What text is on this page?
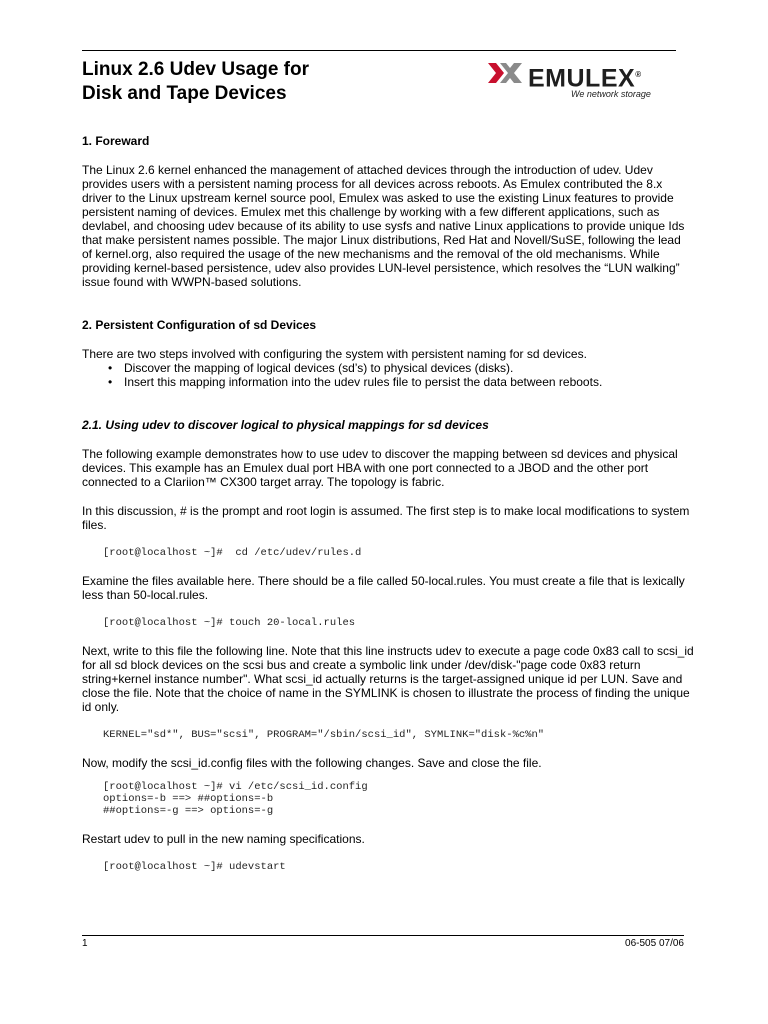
Linux 2.6 Udev Usage for
Disk and Tape Devices
EMULEX®
We network storage
1. Foreward

The Linux 2.6 kernel enhanced the management of attached devices through the introduction of udev. Udev provides users with a persistent naming process for all devices across reboots. As Emulex contributed the 8.x driver to the Linux upstream kernel source pool, Emulex was asked to use the existing Linux features to provide persistent naming of devices. Emulex met this challenge by working with a few different applications, such as devlabel, and choosing udev because of its ability to use sysfs and native Linux applications to provide unique Ids that make persistent names possible. The major Linux distributions, Red Hat and Novell/SuSE, following the lead of kernel.org, also required the usage of the new mechanisms and the removal of the old mechanisms. While providing kernel-based persistence, udev also provides LUN-level persistence, which resolves the “LUN walking” issue found with WWPN-based solutions.

2. Persistent Configuration of sd Devices

There are two steps involved with configuring the system with persistent naming for sd devices.

• Discover the mapping of logical devices (sd’s) to physical devices (disks).
• Insert this mapping information into the udev rules file to persist the data between reboots.
2.1. Using udev to discover logical to physical mappings for sd devices

The following example demonstrates how to use udev to discover the mapping between sd devices and physical devices. This example has an Emulex dual port HBA with one port connected to a JBOD and the other port connected to a Clariion™ CX300 target array. The topology is fabric.

In this discussion, # is the prompt and root login is assumed. The first step is to make local modifications to system files.

[root@localhost ~]#  cd /etc/udev/rules.d

Examine the files available here. There should be a file called 50-local.rules. You must create a file that is lexically less than 50-local.rules.

[root@localhost ~]# touch 20-local.rules

Next, write to this file the following line. Note that this line instructs udev to execute a page code 0x83 call to scsi_id for all sd block devices on the scsi bus and create a symbolic link under /dev/disk-"page code 0x83 return string+kernel instance number". What scsi_id actually returns is the target-assigned unique id per LUN. Save and close the file. Note that the choice of name in the SYMLINK is chosen to illustrate the process of finding the unique id only.

KERNEL="sd*", BUS="scsi", PROGRAM="/sbin/scsi_id", SYMLINK="disk-%c%n"

Now, modify the scsi_id.config files with the following changes. Save and close the file.

[root@localhost ~]# vi /etc/scsi_id.config
options=-b ==> ##options=-b
##options=-g ==> options=-g

Restart udev to pull in the new naming specifications.

[root@localhost ~]# udevstart
1	06-505 07/06
